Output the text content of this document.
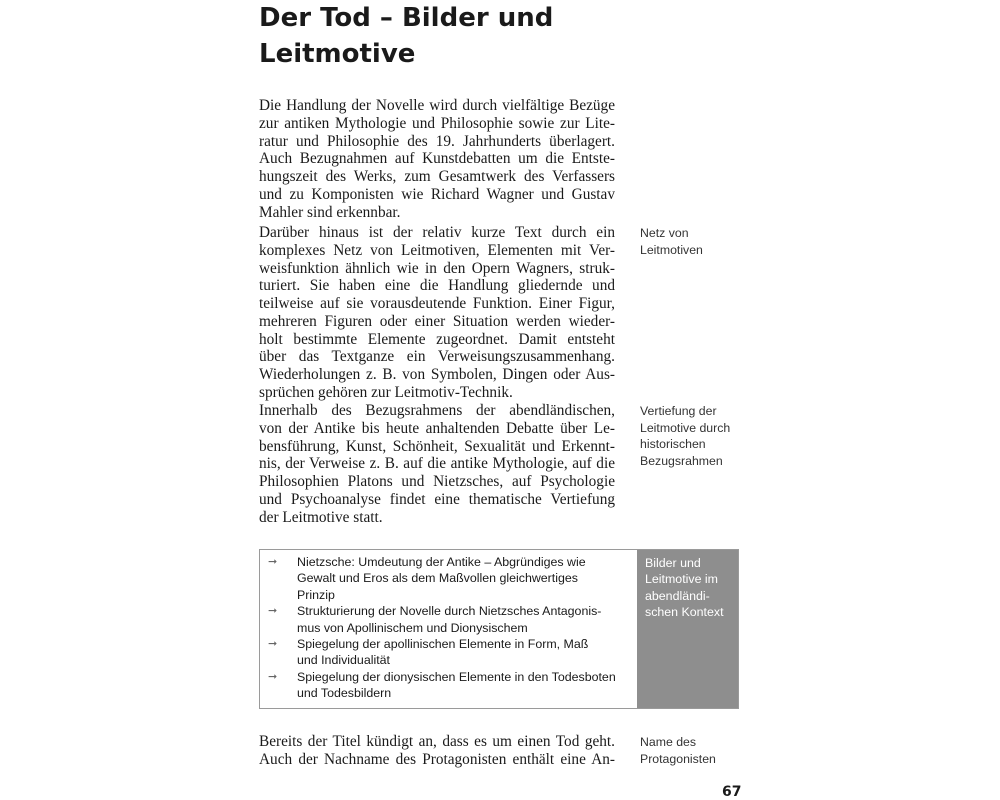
Der Tod – Bilder und
Leitmotive
Die Handlung der Novelle wird durch vielfältige Bezüge
zur antiken Mythologie und Philosophie sowie zur Lite-
ratur und Philosophie des 19. Jahrhunderts überlagert.
Auch Bezugnahmen auf Kunstdebatten um die Entste-
hungszeit des Werks, zum Gesamtwerk des Verfassers
und zu Komponisten wie Richard Wagner und Gustav
Mahler sind erkennbar.
Darüber hinaus ist der relativ kurze Text durch ein
komplexes Netz von Leitmotiven, Elementen mit Ver-
weisfunktion ähnlich wie in den Opern Wagners, struk-
turiert. Sie haben eine die Handlung gliedernde und
teilweise auf sie vorausdeutende Funktion. Einer Figur,
mehreren Figuren oder einer Situation werden wieder-
holt bestimmte Elemente zugeordnet. Damit entsteht
über das Textganze ein Verweisungszusammenhang.
Wiederholungen z. B. von Symbolen, Dingen oder Aus-
sprüchen gehören zur Leitmotiv-Technik.
Innerhalb des Bezugsrahmens der abendländischen,
von der Antike bis heute anhaltenden Debatte über Le-
bensführung, Kunst, Schönheit, Sexualität und Erkennt-
nis, der Verweise z. B. auf die antike Mythologie, auf die
Philosophien Platons und Nietzsches, auf Psychologie
und Psychoanalyse findet eine thematische Vertiefung
der Leitmotive statt.
Bereits der Titel kündigt an, dass es um einen Tod geht.
Auch der Nachname des Protagonisten enthält eine An-
Netz von
Leitmotiven
Vertiefung der
Leitmotive durch
historischen
Bezugsrahmen
Name des
Protagonisten
➞ Nietzsche: Umdeutung der Antike – Abgründiges wie
Gewalt und Eros als dem Maßvollen gleichwertiges
Prinzip
➞ Strukturierung der Novelle durch Nietzsches Antagonis-
mus von Apollinischem und Dionysischem
➞ Spiegelung der apollinischen Elemente in Form, Maß
und Individualität
➞ Spiegelung der dionysischen Elemente in den Todesboten
und Todesbildern
Bilder und
Leitmotive im
abendländi-
schen Kontext
67
